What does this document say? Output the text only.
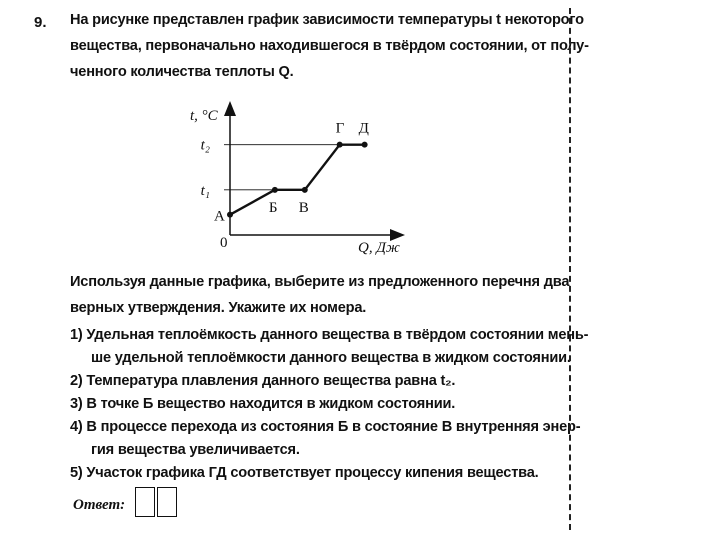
9. На рисунке представлен график зависимости температуры t некоторого
вещества, первоначально находившегося в твёрдом состоянии, от полу-
ченного количества теплоты Q.
t, °C
Q, Дж
0
t₁
t₂
А
Б В
Г Д
Используя данные графика, выберите из предложенного перечня два
верных утверждения. Укажите их номера.
1) Удельная теплоёмкость данного вещества в твёрдом состоянии мень-
ше удельной теплоёмкости данного вещества в жидком состоянии.
2) Температура плавления данного вещества равна t₂.
3) В точке Б вещество находится в жидком состоянии.
4) В процессе перехода из состояния Б в состояние В внутренняя энер-
гия вещества увеличивается.
5) Участок графика ГД соответствует процессу кипения вещества.
Ответ:
